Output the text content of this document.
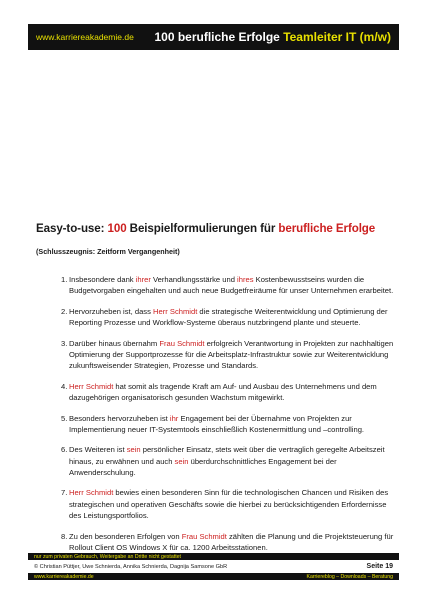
www.karriereakademie.de 100 berufliche Erfolge Teamleiter IT (m/w)
Easy-to-use: 100 Beispielformulierungen für berufliche Erfolge

(Schlusszeugnis: Zeitform Vergangenheit)

1. Insbesondere dank ihrer Verhandlungsstärke und ihres Kostenbewusstseins wurden die Budgetvorgaben eingehalten und auch neue Budgetfreiräume für unser Unternehmen erarbeitet.
2. Hervorzuheben ist, dass Herr Schmidt die strategische Weiterentwicklung und Optimierung der Reporting Prozesse und Workflow-Systeme überaus nutzbringend plante und steuerte.
3. Darüber hinaus übernahm Frau Schmidt erfolgreich Verantwortung in Projekten zur nachhaltigen Optimierung der Supportprozesse für die Arbeitsplatz-Infrastruktur sowie zur Weiterentwicklung zukunftsweisender Strategien, Prozesse und Standards.
4. Herr Schmidt hat somit als tragende Kraft am Auf- und Ausbau des Unternehmens und dem dazugehörigen organisatorisch gesunden Wachstum mitgewirkt.
5. Besonders hervorzuheben ist ihr Engagement bei der Übernahme von Projekten zur Implementierung neuer IT-Systemtools einschließlich Kostenermittlung und –controlling.
6. Des Weiteren ist sein persönlicher Einsatz, stets weit über die vertraglich geregelte Arbeitszeit hinaus, zu erwähnen und auch sein überdurchschnittliches Engagement bei der Anwenderschulung.
7. Herr Schmidt bewies einen besonderen Sinn für die technologischen Chancen und Risiken des strategischen und operativen Geschäfts sowie die hierbei zu berücksichtigenden Erfordernisse des Leistungsportfolios.
8. Zu den besonderen Erfolgen von Frau Schmidt zählten die Planung und die Projektsteuerung für Rollout Client OS Windows X für ca. 1200 Arbeitsstationen.
nur zum privaten Gebrauch, Weitergabe an Dritte nicht gestattet
© Christian Püttjer, Uwe Schnierda, Annika Schnierda, Dagnija Samsone GbR	Seite 19
www.karriereakademie.de	Karriereblog – Downloads – Beratung
